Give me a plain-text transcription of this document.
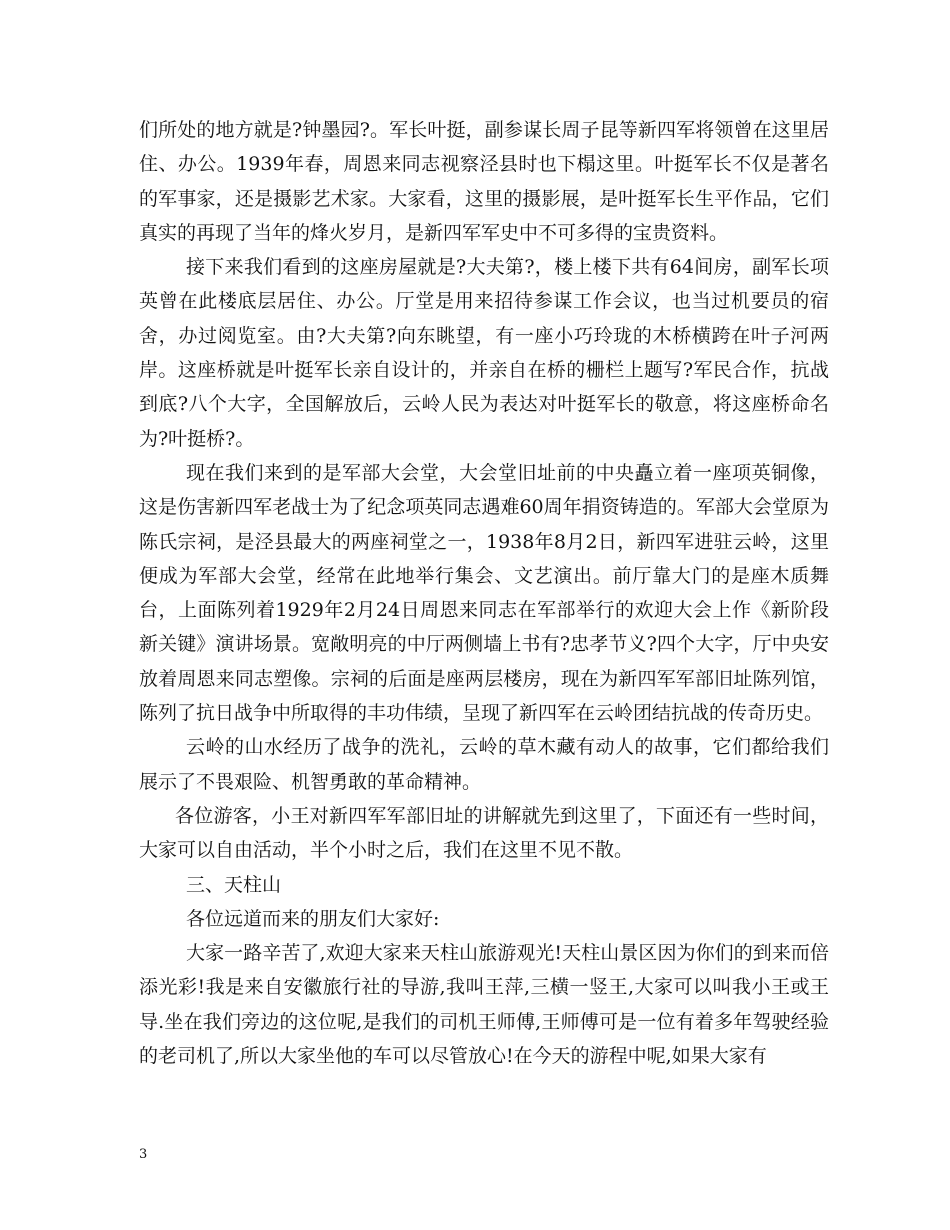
们所处的地方就是?钟墨园?。军长叶挺，副参谋长周子昆等新四军将领曾在这里居住、办公。1939年春，周恩来同志视察泾县时也下榻这里。叶挺军长不仅是著名的军事家，还是摄影艺术家。大家看，这里的摄影展，是叶挺军长生平作品，它们真实的再现了当年的烽火岁月，是新四军军史中不可多得的宝贵资料。

接下来我们看到的这座房屋就是?大夫第?，楼上楼下共有64间房，副军长项英曾在此楼底层居住、办公。厅堂是用来招待参谋工作会议，也当过机要员的宿舍，办过阅览室。由?大夫第?向东眺望，有一座小巧玲珑的木桥横跨在叶子河两岸。这座桥就是叶挺军长亲自设计的，并亲自在桥的栅栏上题写?军民合作，抗战到底?八个大字，全国解放后，云岭人民为表达对叶挺军长的敬意，将这座桥命名为?叶挺桥?。

现在我们来到的是军部大会堂，大会堂旧址前的中央矗立着一座项英铜像，这是伤害新四军老战士为了纪念项英同志遇难60周年捐资铸造的。军部大会堂原为陈氏宗祠，是泾县最大的两座祠堂之一，1938年8月2日，新四军进驻云岭，这里便成为军部大会堂，经常在此地举行集会、文艺演出。前厅靠大门的是座木质舞台，上面陈列着1929年2月24日周恩来同志在军部举行的欢迎大会上作《新阶段新关键》演讲场景。宽敞明亮的中厅两侧墙上书有?忠孝节义?四个大字，厅中央安放着周恩来同志塑像。宗祠的后面是座两层楼房，现在为新四军军部旧址陈列馆，陈列了抗日战争中所取得的丰功伟绩，呈现了新四军在云岭团结抗战的传奇历史。

云岭的山水经历了战争的洗礼，云岭的草木藏有动人的故事，它们都给我们展示了不畏艰险、机智勇敢的革命精神。

各位游客，小王对新四军军部旧址的讲解就先到这里了，下面还有一些时间，大家可以自由活动，半个小时之后，我们在这里不见不散。

三、天柱山

各位远道而来的朋友们大家好:

大家一路辛苦了,欢迎大家来天柱山旅游观光!天柱山景区因为你们的到来而倍添光彩!我是来自安徽旅行社的导游,我叫王萍,三横一竖王,大家可以叫我小王或王导.坐在我们旁边的这位呢,是我们的司机王师傅,王师傅可是一位有着多年驾驶经验的老司机了,所以大家坐他的车可以尽管放心!在今天的游程中呢,如果大家有

3
